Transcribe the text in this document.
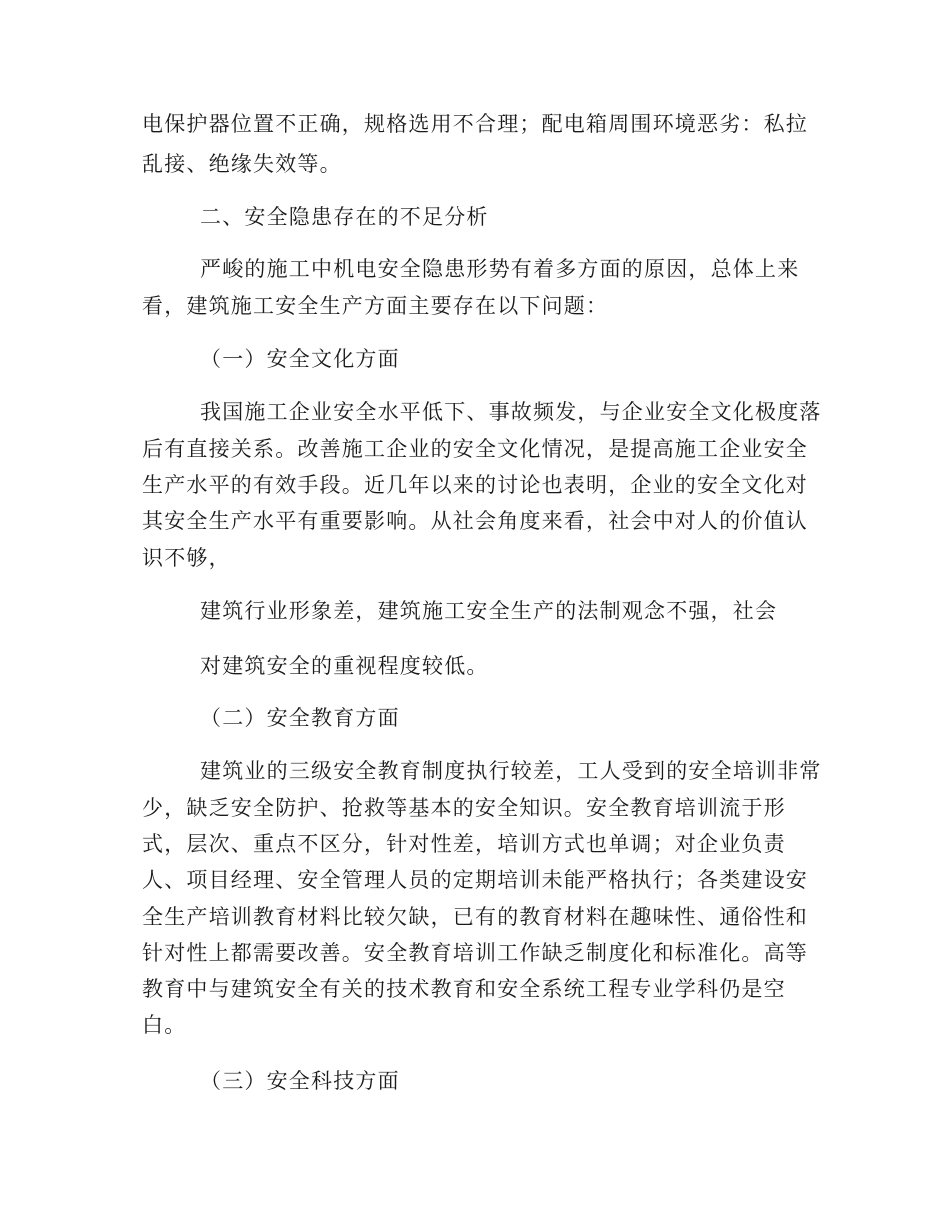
电保护器位置不正确，规格选用不合理；配电箱周围环境恶劣：私拉
乱接、绝缘失效等。
二、安全隐患存在的不足分析
严峻的施工中机电安全隐患形势有着多方面的原因，总体上来
看，建筑施工安全生产方面主要存在以下问题：
（一）安全文化方面
我国施工企业安全水平低下、事故频发，与企业安全文化极度落
后有直接关系。改善施工企业的安全文化情况，是提高施工企业安全
生产水平的有效手段。近几年以来的讨论也表明，企业的安全文化对
其安全生产水平有重要影响。从社会角度来看，社会中对人的价值认
识不够，
建筑行业形象差，建筑施工安全生产的法制观念不强，社会
对建筑安全的重视程度较低。
（二）安全教育方面
建筑业的三级安全教育制度执行较差，工人受到的安全培训非常
少，缺乏安全防护、抢救等基本的安全知识。安全教育培训流于形
式，层次、重点不区分，针对性差，培训方式也单调；对企业负责
人、项目经理、安全管理人员的定期培训未能严格执行；各类建设安
全生产培训教育材料比较欠缺，已有的教育材料在趣味性、通俗性和
针对性上都需要改善。安全教育培训工作缺乏制度化和标准化。高等
教育中与建筑安全有关的技术教育和安全系统工程专业学科仍是空
白。
（三）安全科技方面
